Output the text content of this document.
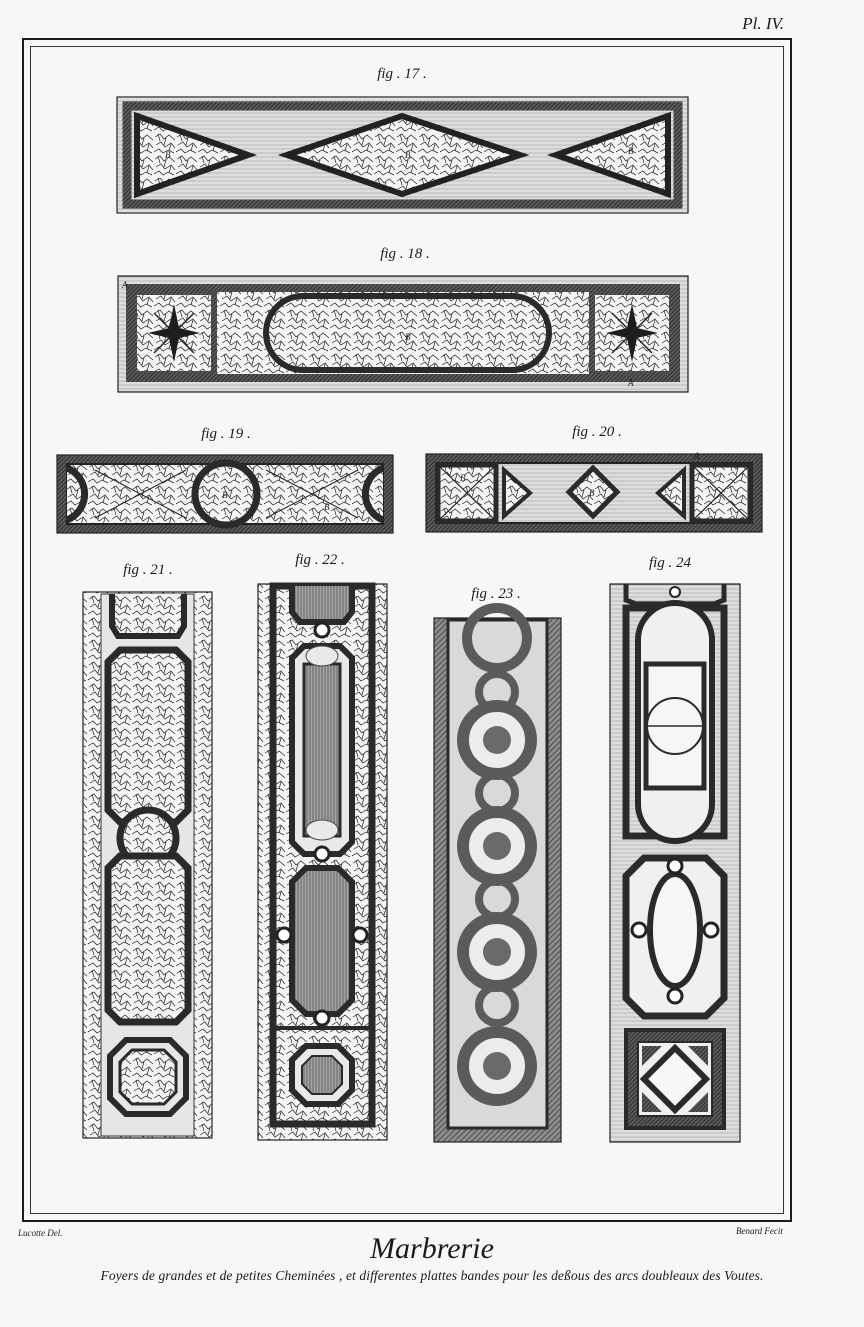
Pl. IV.
B	B	B
A
A
B
B
B
B
B
A
fig . 17 .
fig . 18 .
fig . 19 .	fig . 20 .
fig . 21 .
fig . 22 .
fig . 23 .
fig . 24
Lucotte Del.	Benard Fecit
Marbrerie
Foyers de grandes et de petites Cheminées , et differentes plattes bandes pour les deßous des arcs doubleaux des Voutes.
